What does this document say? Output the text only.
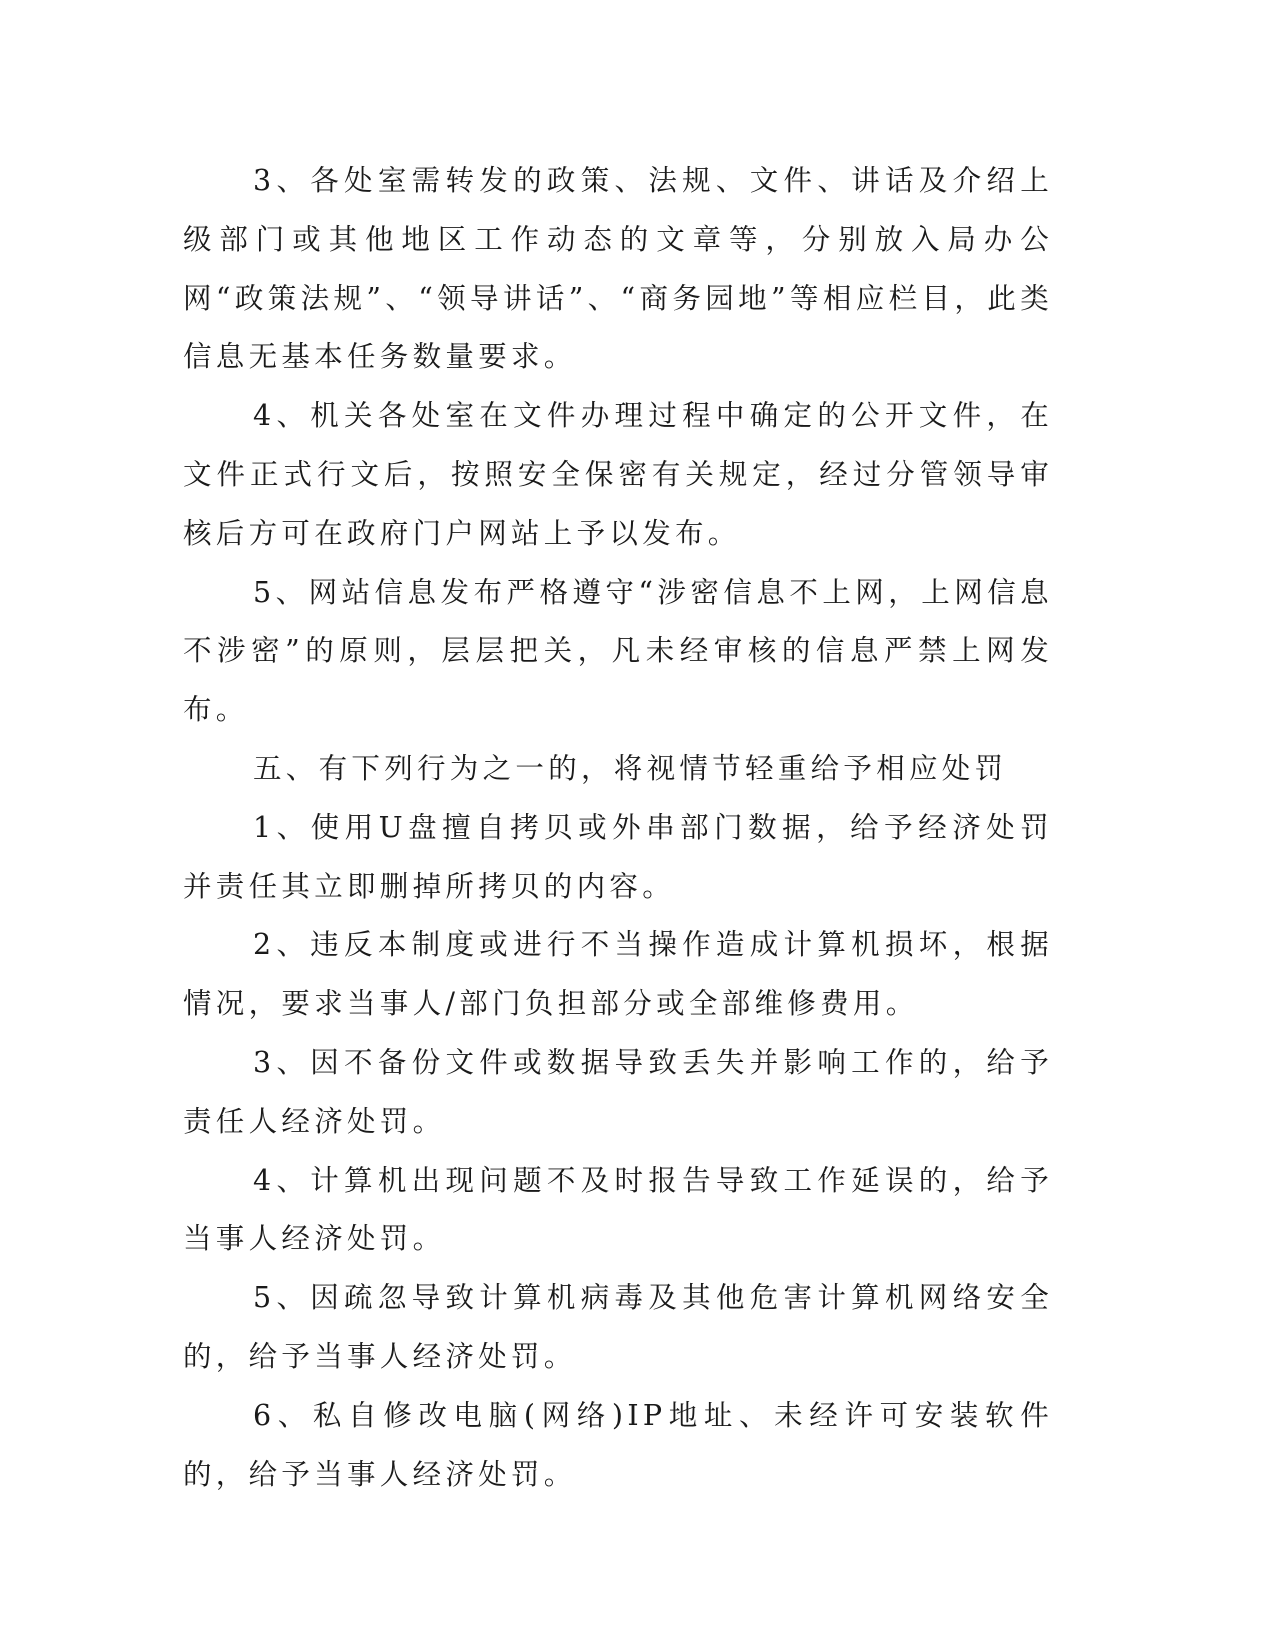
3、各处室需转发的政策、法规、文件、讲话及介绍上级部门或其他地区工作动态的文章等，分别放入局办公网“政策法规”、“领导讲话”、“商务园地”等相应栏目，此类信息无基本任务数量要求。

4、机关各处室在文件办理过程中确定的公开文件，在文件正式行文后，按照安全保密有关规定，经过分管领导审核后方可在政府门户网站上予以发布。

5、网站信息发布严格遵守“涉密信息不上网，上网信息不涉密”的原则，层层把关，凡未经审核的信息严禁上网发布。

五、有下列行为之一的，将视情节轻重给予相应处罚

1、使用U盘擅自拷贝或外串部门数据，给予经济处罚并责任其立即删掉所拷贝的内容。

2、违反本制度或进行不当操作造成计算机损坏，根据情况，要求当事人/部门负担部分或全部维修费用。

3、因不备份文件或数据导致丢失并影响工作的，给予责任人经济处罚。

4、计算机出现问题不及时报告导致工作延误的，给予当事人经济处罚。

5、因疏忽导致计算机病毒及其他危害计算机网络安全的，给予当事人经济处罚。

6、私自修改电脑(网络)IP地址、未经许可安装软件的，给予当事人经济处罚。
